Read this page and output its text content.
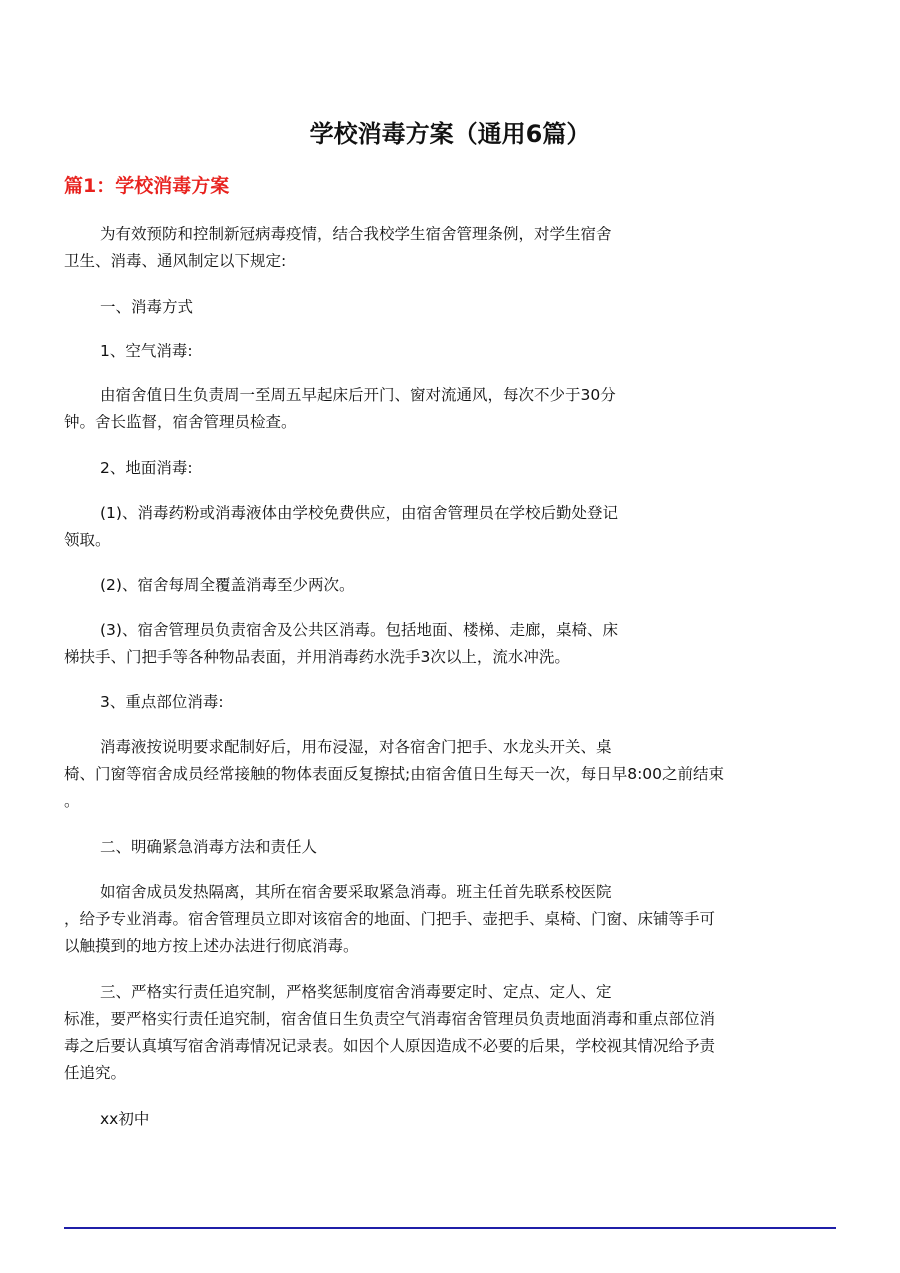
学校消毒方案（通用6篇）
篇1：学校消毒方案

为有效预防和控制新冠病毒疫情，结合我校学生宿舍管理条例，对学生宿舍
卫生、消毒、通风制定以下规定:

一、消毒方式

1、空气消毒:

由宿舍值日生负责周一至周五早起床后开门、窗对流通风，每次不少于30分
钟。舍长监督，宿舍管理员检查。

2、地面消毒:

(1)、消毒药粉或消毒液体由学校免费供应，由宿舍管理员在学校后勤处登记
领取。

(2)、宿舍每周全覆盖消毒至少两次。

(3)、宿舍管理员负责宿舍及公共区消毒。包括地面、楼梯、走廊，桌椅、床
梯扶手、门把手等各种物品表面，并用消毒药水洗手3次以上，流水冲洗。

3、重点部位消毒:

消毒液按说明要求配制好后，用布浸湿，对各宿舍门把手、水龙头开关、桌
椅、门窗等宿舍成员经常接触的物体表面反复擦拭;由宿舍值日生每天一次，每日早8:00之前结束
。

二、明确紧急消毒方法和责任人

如宿舍成员发热隔离，其所在宿舍要采取紧急消毒。班主任首先联系校医院
，给予专业消毒。宿舍管理员立即对该宿舍的地面、门把手、壶把手、桌椅、门窗、床铺等手可
以触摸到的地方按上述办法进行彻底消毒。

三、严格实行责任追究制，严格奖惩制度宿舍消毒要定时、定点、定人、定
标准，要严格实行责任追究制，宿舍值日生负责空气消毒宿舍管理员负责地面消毒和重点部位消
毒之后要认真填写宿舍消毒情况记录表。如因个人原因造成不必要的后果，学校视其情况给予责
任追究。

xx初中
